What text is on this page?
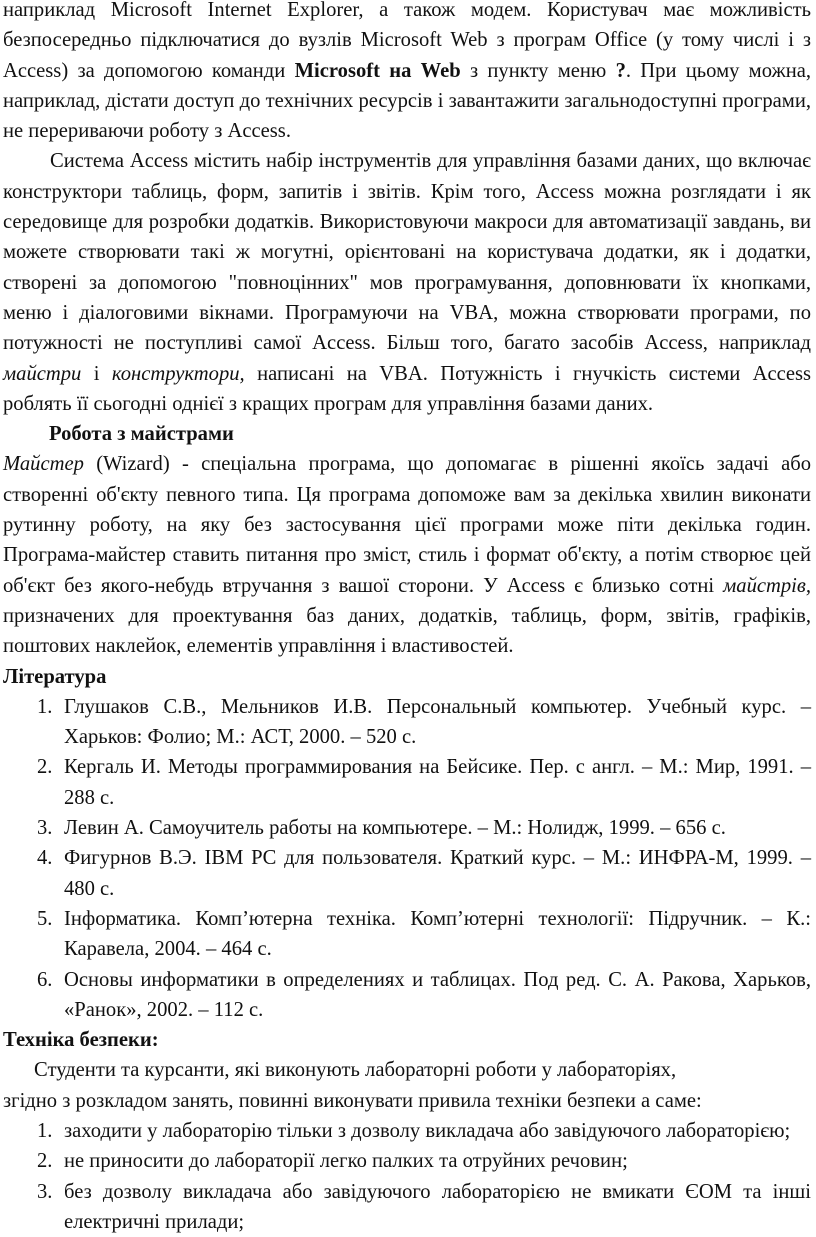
наприклад Microsoft Internet Explorer, а також модем. Користувач має можливість безпосередньо підключатися до вузлів Microsoft Web з програм Office (у тому числі і з Access) за допомогою команди Microsoft на Web з пункту меню ?. При цьому можна, наприклад, дістати доступ до технічних ресурсів і завантажити загальнодоступні програми, не перериваючи роботу з Access.

Система Access містить набір інструментів для управління базами даних, що включає конструктори таблиць, форм, запитів і звітів. Крім того, Access можна розглядати і як середовище для розробки додатків. Використовуючи макроси для автоматизації завдань, ви можете створювати такі ж могутні, орієнтовані на користувача додатки, як і додатки, створені за допомогою "повноцінних" мов програмування, доповнювати їх кнопками, меню і діалоговими вікнами. Програмуючи на VBA, можна створювати програми, по потужності не поступливі самої Access. Більш того, багато засобів Access, наприклад майстри і конструктори, написані на VBA. Потужність і гнучкість системи Access роблять її сьогодні однієї з кращих програм для управління базами даних.

Робота з майстрами

Майстер (Wizard) - спеціальна програма, що допомагає в рішенні якоїсь задачі або створенні об'єкту певного типа. Ця програма допоможе вам за декілька хвилин виконати рутинну роботу, на яку без застосування цієї програми може піти декілька годин. Програма-майстер ставить питання про зміст, стиль і формат об'єкту, а потім створює цей об'єкт без якого-небудь втручання з вашої сторони. У Access є близько сотні майстрів, призначених для проектування баз даних, додатків, таблиць, форм, звітів, графіків, поштових наклейок, елементів управління і властивостей.

Література

1. Глушаков С.В., Мельников И.В. Персональный компьютер. Учебный курс. – Харьков: Фолио; М.: АСТ, 2000. – 520 с.
2. Кергаль И. Методы программирования на Бейсике. Пер. с англ. – М.: Мир, 1991. – 288 с.
3. Левин А. Самоучитель работы на компьютере. – М.: Нолидж, 1999. – 656 с.
4. Фигурнов В.Э. IBM PC для пользователя. Краткий курс. – М.: ИНФРА-М, 1999. – 480 с.
5. Інформатика. Комп’ютерна техніка. Комп’ютерні технології: Підручник. – К.: Каравела, 2004. – 464 с.
6. Основы информатики в определениях и таблицах. Под ред. С. А. Ракова, Харьков, «Ранок», 2002. – 112 с.

Техніка безпеки:

Студенти та курсанти, які виконують лабораторні роботи у лабораторіях,

згідно з розкладом занять, повинні виконувати привила техніки безпеки а саме:

1. заходити у лабораторію тільки з дозволу викладача або завідуючого лабораторією;
2. не приносити до лабораторії легко палких та отруйних речовин;
3. без дозволу викладача або завідуючого лабораторією не вмикати ЄОМ та інші електричні прилади;
